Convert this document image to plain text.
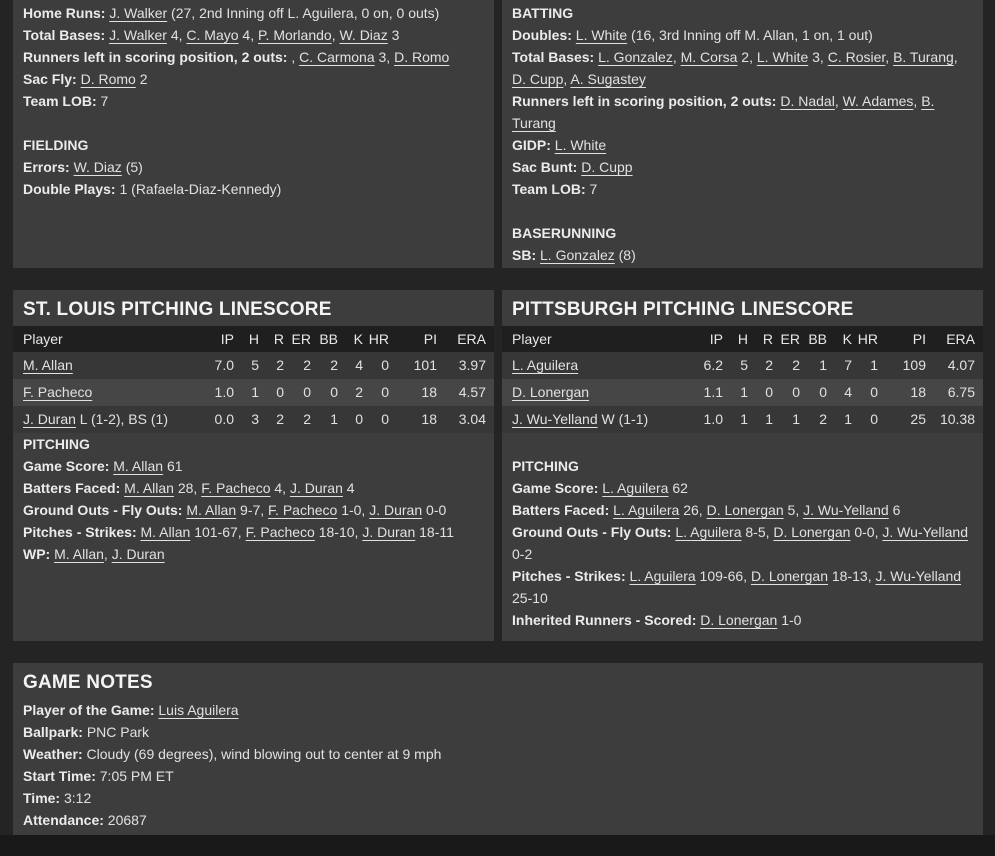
Home Runs: J. Walker (27, 2nd Inning off L. Aguilera, 0 on, 0 outs)
Total Bases: J. Walker 4, C. Mayo 4, P. Morlando, W. Diaz 3
Runners left in scoring position, 2 outs: , C. Carmona 3, D. Romo
Sac Fly: D. Romo 2
Team LOB: 7

FIELDING
Errors: W. Diaz (5)
Double Plays: 1 (Rafaela-Diaz-Kennedy)
BATTING
Doubles: L. White (16, 3rd Inning off M. Allan, 1 on, 1 out)
Total Bases: L. Gonzalez, M. Corsa 2, L. White 3, C. Rosier, B. Turang, D. Cupp, A. Sugastey
Runners left in scoring position, 2 outs: D. Nadal, W. Adames, B. Turang
GIDP: L. White
Sac Bunt: D. Cupp
Team LOB: 7

BASERUNNING
SB: L. Gonzalez (8)
ST. LOUIS PITCHING LINESCORE
Player	IP	H	R	ER	BB	K	HR	PI	ERA
M. Allan	7.0	5	2	2	2	4	0	101	3.97
F. Pacheco	1.0	1	0	0	0	2	0	18	4.57
J. Duran L (1-2), BS (1)	0.0	3	2	2	1	0	0	18	3.04
PITCHING
Game Score: M. Allan 61
Batters Faced: M. Allan 28, F. Pacheco 4, J. Duran 4
Ground Outs - Fly Outs: M. Allan 9-7, F. Pacheco 1-0, J. Duran 0-0
Pitches - Strikes: M. Allan 101-67, F. Pacheco 18-10, J. Duran 18-11
WP: M. Allan, J. Duran
PITTSBURGH PITCHING LINESCORE
Player	IP	H	R	ER	BB	K	HR	PI	ERA
L. Aguilera	6.2	5	2	2	1	7	1	109	4.07
D. Lonergan	1.1	1	0	0	0	4	0	18	6.75
J. Wu-Yelland W (1-1)	1.0	1	1	1	2	1	0	25	10.38

PITCHING
Game Score: L. Aguilera 62
Batters Faced: L. Aguilera 26, D. Lonergan 5, J. Wu-Yelland 6
Ground Outs - Fly Outs: L. Aguilera 8-5, D. Lonergan 0-0, J. Wu-Yelland 0-2
Pitches - Strikes: L. Aguilera 109-66, D. Lonergan 18-13, J. Wu-Yelland 25-10
Inherited Runners - Scored: D. Lonergan 1-0
GAME NOTES
Player of the Game: Luis Aguilera
Ballpark: PNC Park
Weather: Cloudy (69 degrees), wind blowing out to center at 9 mph
Start Time: 7:05 PM ET
Time: 3:12
Attendance: 20687
